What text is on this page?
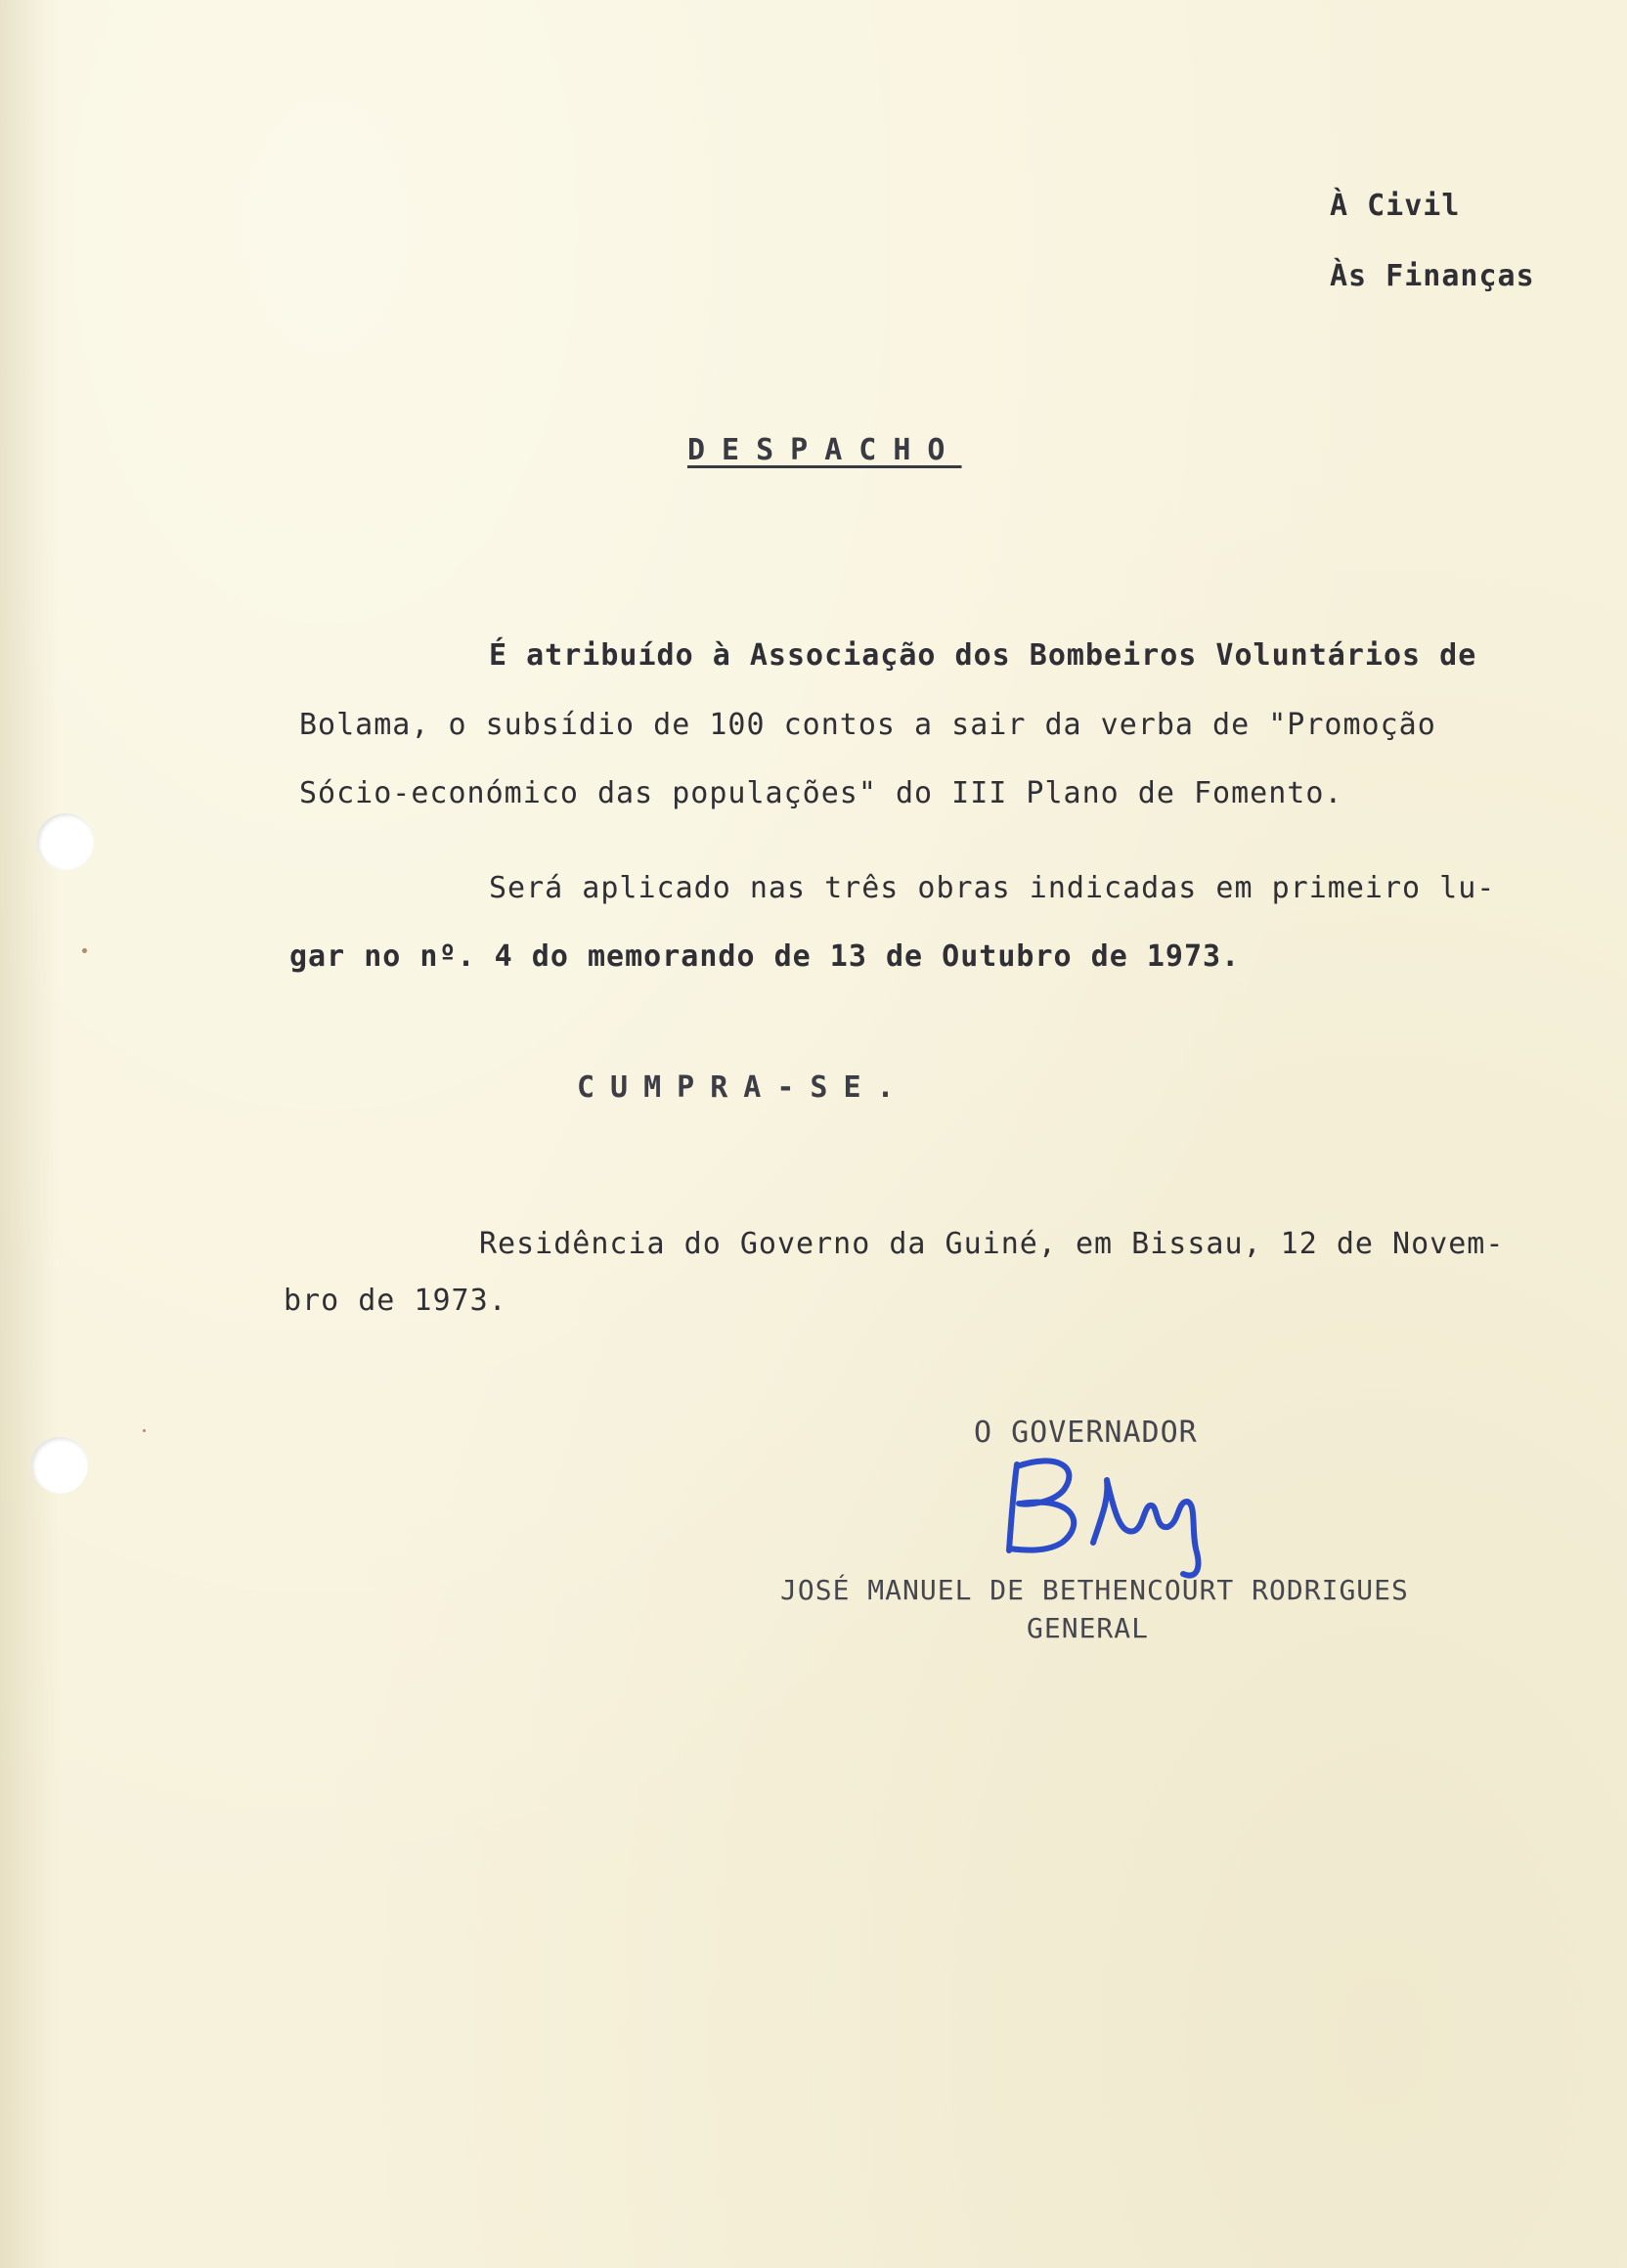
À Civil
Às Finanças
DESPACHO
É atribuído à Associação dos Bombeiros Voluntários de
Bolama, o subsídio de 100 contos a sair da verba de "Promoção
Sócio-económico das populações" do III Plano de Fomento.
Será aplicado nas três obras indicadas em primeiro lu-
gar no nº. 4 do memorando de 13 de Outubro de 1973.
CUMPRA-SE.
Residência do Governo da Guiné, em Bissau, 12 de Novem-
bro de 1973.
O GOVERNADOR
JOSÉ MANUEL DE BETHENCOURT RODRIGUES
GENERAL
